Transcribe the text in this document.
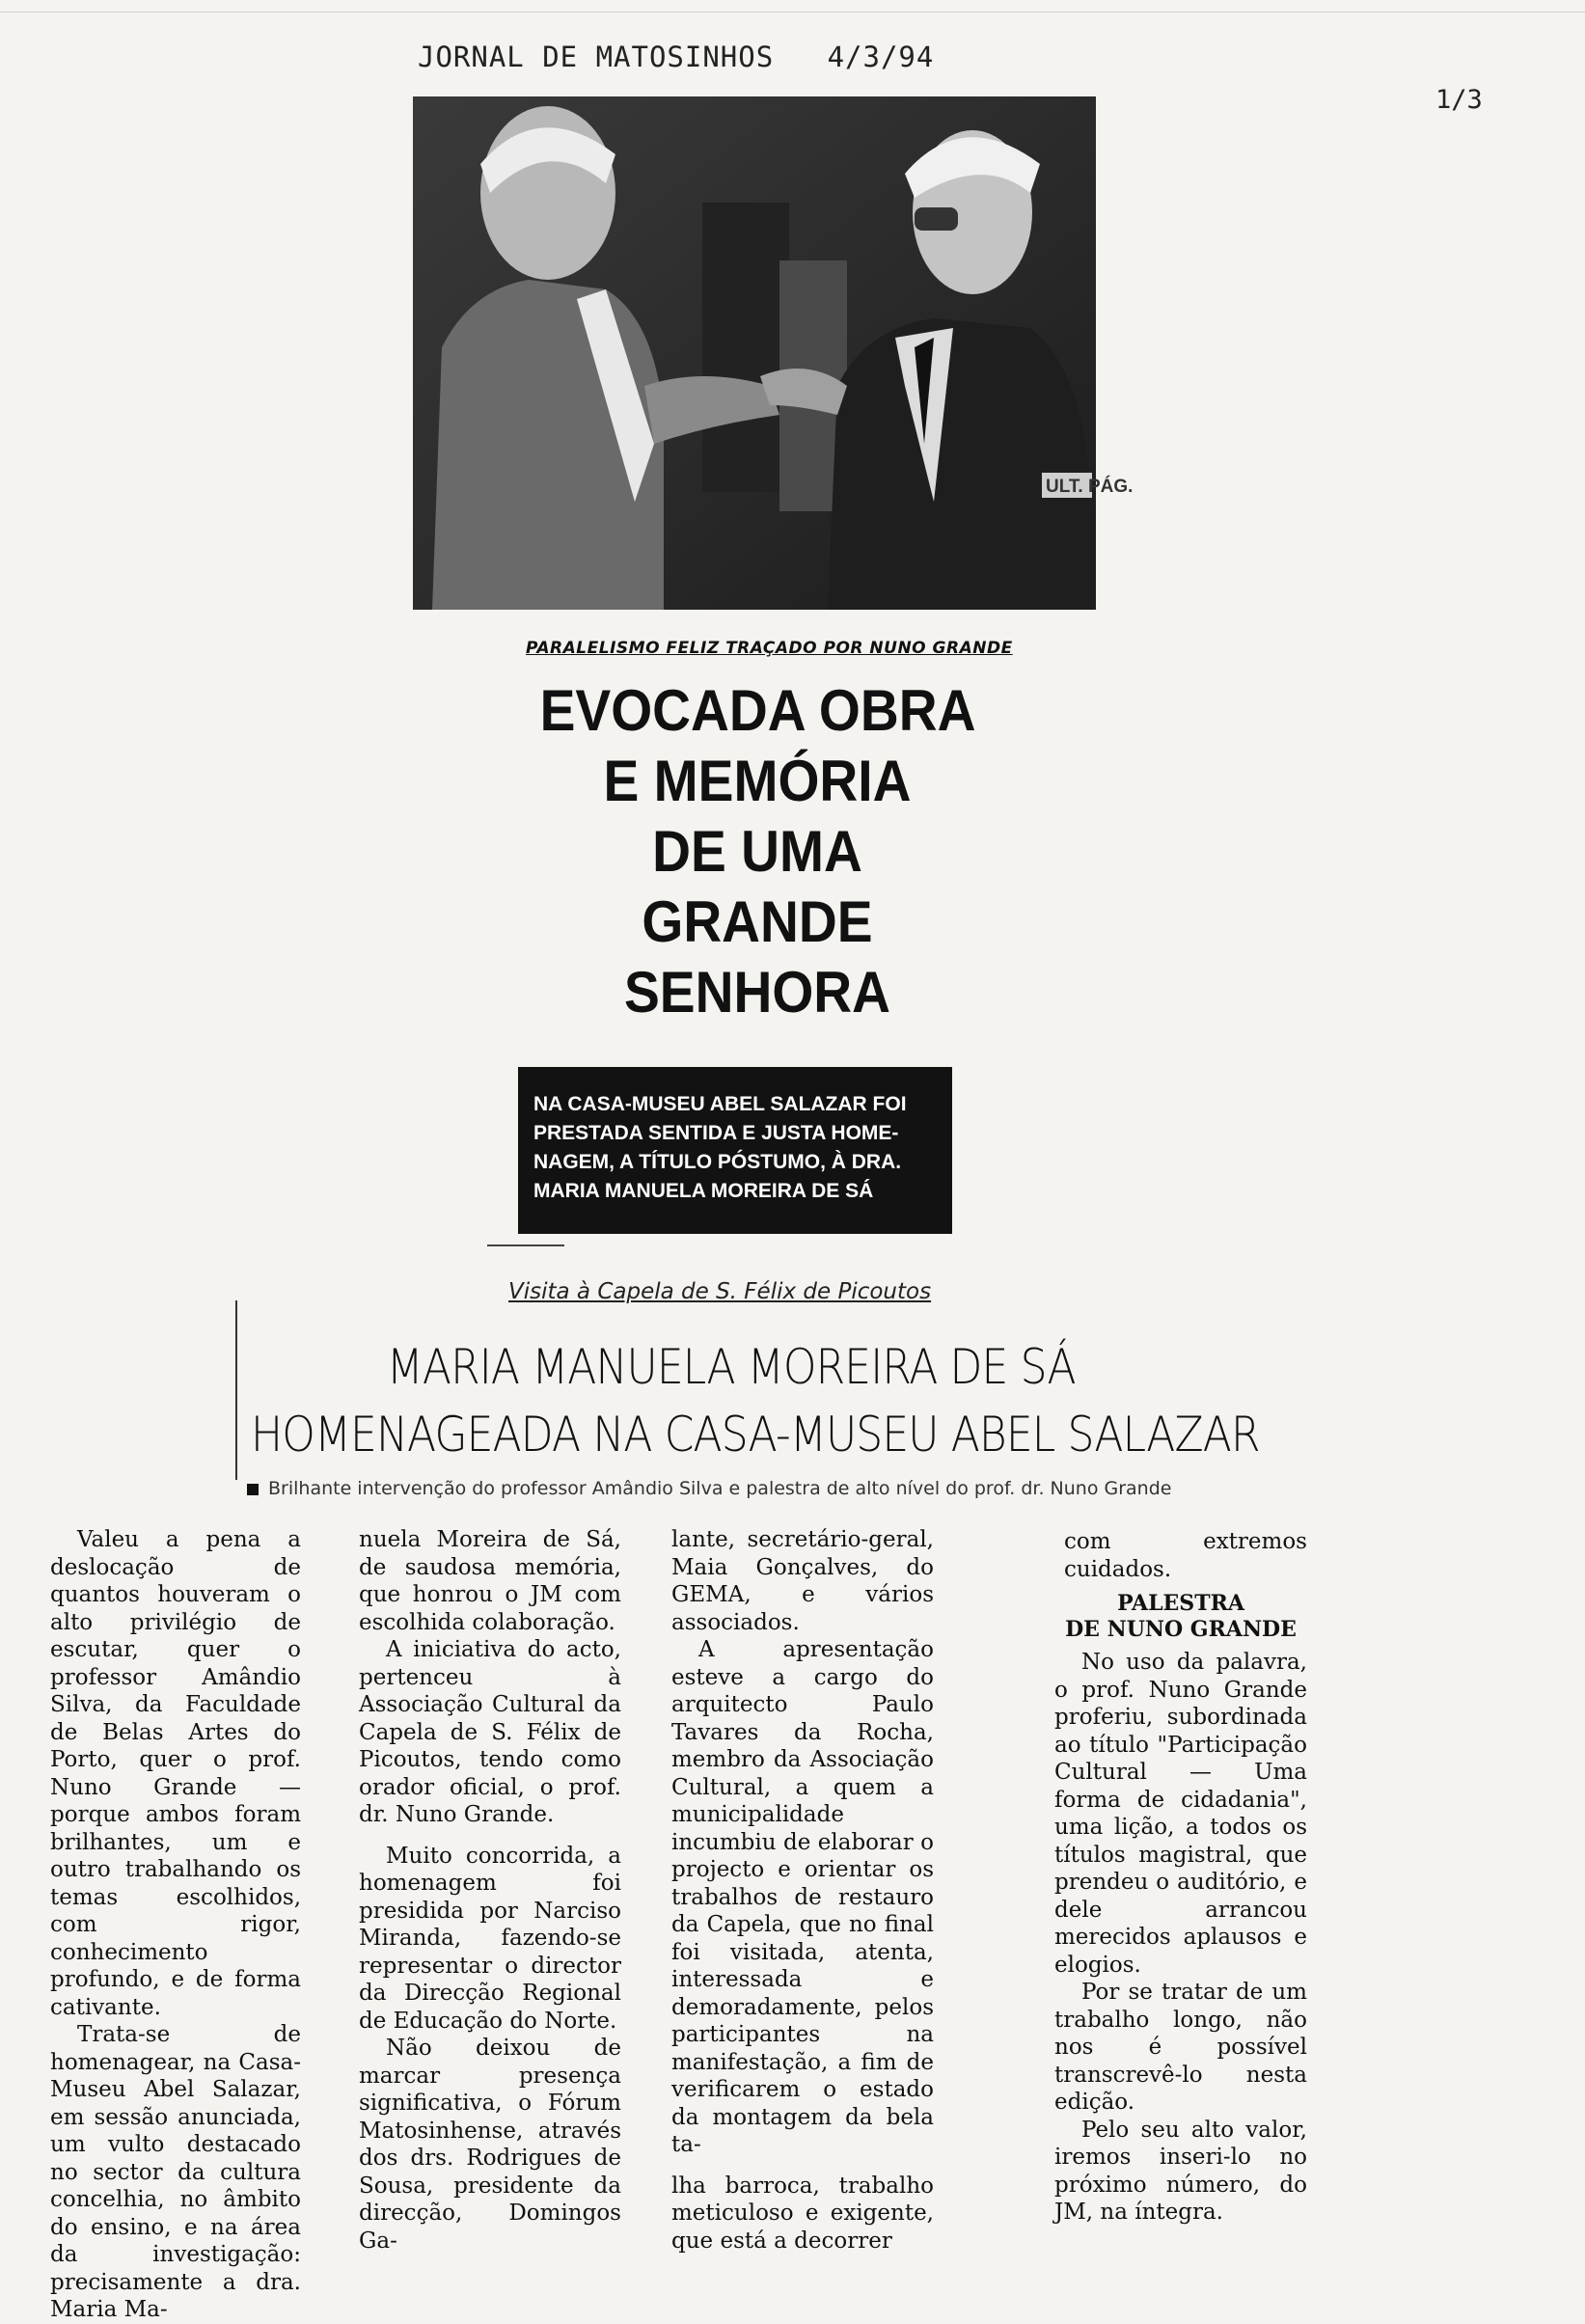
JORNAL DE MATOSINHOS 4/3/94
1/3
ULT. PÁG.
PARALELISMO FELIZ TRAÇADO POR NUNO GRANDE
EVOCADA OBRA
E MEMÓRIA
DE UMA
GRANDE
SENHORA
NA CASA-MUSEU ABEL SALAZAR FOI
PRESTADA SENTIDA E JUSTA HOME-
NAGEM, A TÍTULO PÓSTUMO, À DRA.
MARIA MANUELA MOREIRA DE SÁ
Visita à Capela de S. Félix de Picoutos
MARIA MANUELA MOREIRA DE SÁ
HOMENAGEADA NA CASA-MUSEU ABEL SALAZAR
Brilhante intervenção do professor Amândio Silva e palestra de alto nível do prof. dr. Nuno Grande

Valeu a pena a deslocação de quantos houveram o alto privilégio de escutar, quer o professor Amândio Silva, da Faculdade de Belas Artes do Porto, quer o prof. Nuno Grande — porque ambos foram brilhantes, um e outro trabalhando os temas escolhidos, com rigor, conhecimento profundo, e de forma cativante.

Trata-se de homenagear, na Casa-Museu Abel Salazar, em sessão anunciada, um vulto destacado no sector da cultura concelhia, no âmbito do ensino, e na área da investigação: precisamente a dra. Maria Ma-

nuela Moreira de Sá, de saudosa memória, que honrou o JM com escolhida colaboração.

A iniciativa do acto, pertenceu à Associação Cultural da Capela de S. Félix de Picoutos, tendo como orador oficial, o prof. dr. Nuno Grande.

Muito concorrida, a homenagem foi presidida por Narciso Miranda, fazendo-se representar o director da Direcção Regional de Educação do Norte.

Não deixou de marcar presença significativa, o Fórum Matosinhense, através dos drs. Rodrigues de Sousa, presidente da direcção, Domingos Ga-

lante, secretário-geral, Maia Gonçalves, do GEMA, e vários associados.

A apresentação esteve a cargo do arquitecto Paulo Tavares da Rocha, membro da Associação Cultural, a quem a municipalidade incumbiu de elaborar o projecto e orientar os trabalhos de restauro da Capela, que no final foi visitada, atenta, interessada e demoradamente, pelos participantes na manifestação, a fim de verificarem o estado da montagem da bela ta-

lha barroca, trabalho meticuloso e exigente, que está a decorrer

com extremos cuidados.

PALESTRA
DE NUNO GRANDE

No uso da palavra, o prof. Nuno Grande proferiu, subordinada ao título "Participação Cultural — Uma forma de cidadania", uma lição, a todos os títulos magistral, que prendeu o auditório, e dele arrancou merecidos aplausos e elogios.

Por se tratar de um trabalho longo, não nos é possível transcrevê-lo nesta edição.

Pelo seu alto valor, iremos inseri-lo no próximo número, do JM, na íntegra.
